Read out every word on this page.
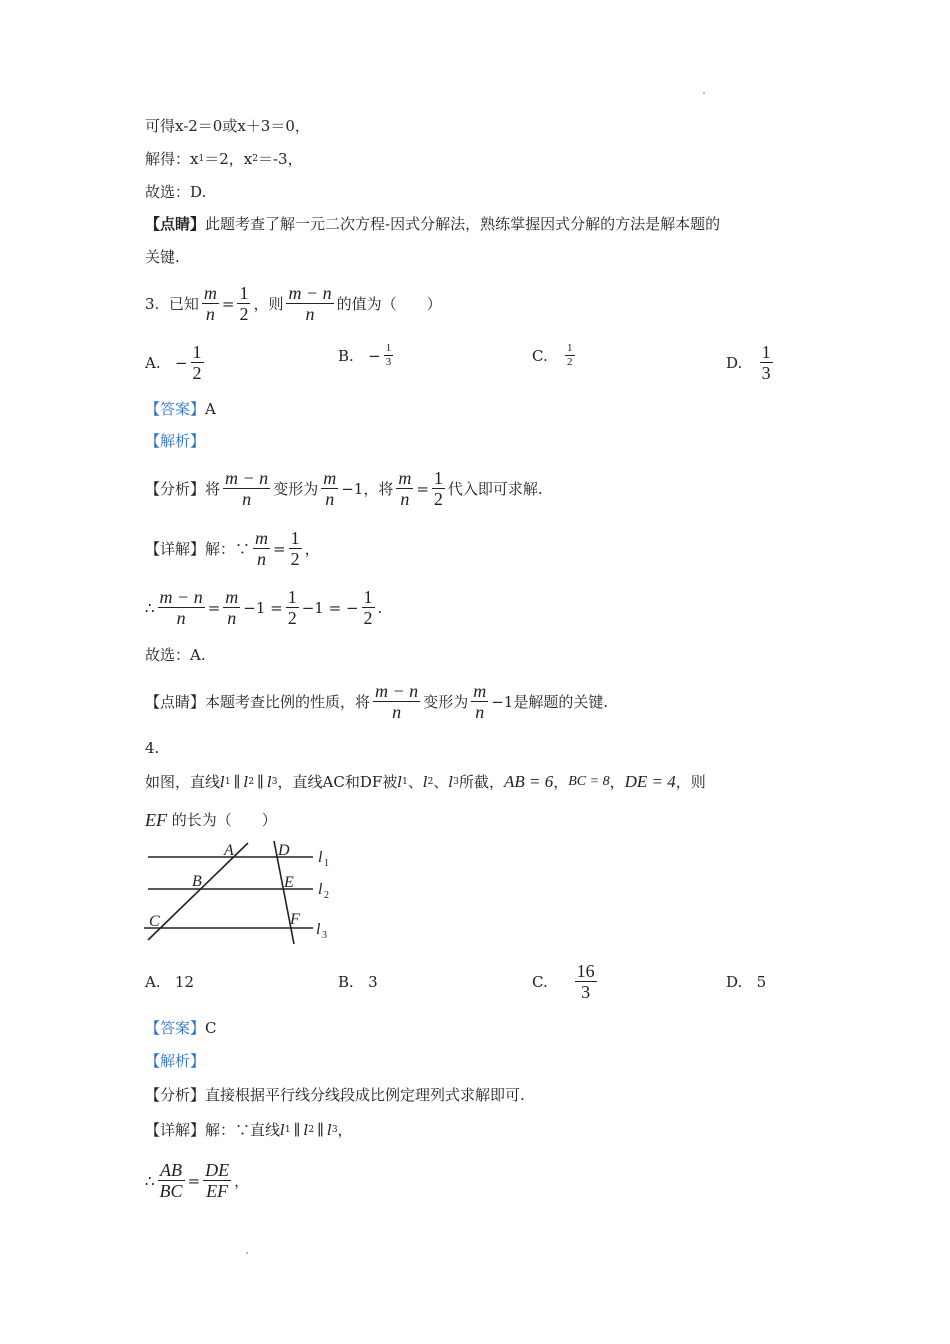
可得x-2＝0或x＋3＝0，
解得：x 1 ＝2，x 2 ＝-3，
故选：D.
【点睛】 此题考查了解一元二次方程-因式分解法，熟练掌握因式分解的方法是解本题的
关键.
3.
已知 $\frac{m}{n} = \frac{1}{2}$ ，则 $\frac{m - n}{n}$ 的值为（　　）
A.
− $\frac{1}{2}$	B.
− $\frac{1}{3}$	C.
$\frac{1}{2}$	D.
$\frac{1}{3}$
【答案】 A
【解析】
【分析】 将 $\frac{m - n}{n}$ 变形为 $\frac{m}{n} -1$，将 $\frac{m}{n} = \frac{1}{2}$ 代入即可求解.
【详解】 解：∵ $\frac{m}{n} = \frac{1}{2}$ ，
∴ $\frac{m - n}{n} = \frac{m}{n} -1 = \frac{1}{2} -1$ = − $\frac{1}{2}$ .
故选：A.
【点睛】 本题考查比例的性质，将 $\frac{m - n}{n}$ 变形为 $\frac{m}{n} -1$是解题的关键.
4.
如图，直线 l 1 ∥ l 2 ∥ l 3 ，直线AC和DF被 l 1 、 l 2 、 l 3 所截， AB = 6 ， BC = 8 ， DE = 4 ，则
EF
的长为（　　）
A
B
C
D
E
F
l
l
l
1
2
3
A.
12	B.
3	C.
$\frac{16}{3}$	D.
5
【答案】 C
【解析】
【分析】 直接根据平行线分线段成比例定理列式求解即可.
【详解】 解：∵直线 l 1 ∥ l 2 ∥ l 3 ，
∴ $\frac{AB}{BC} = \frac{DE}{EF}$ ，
